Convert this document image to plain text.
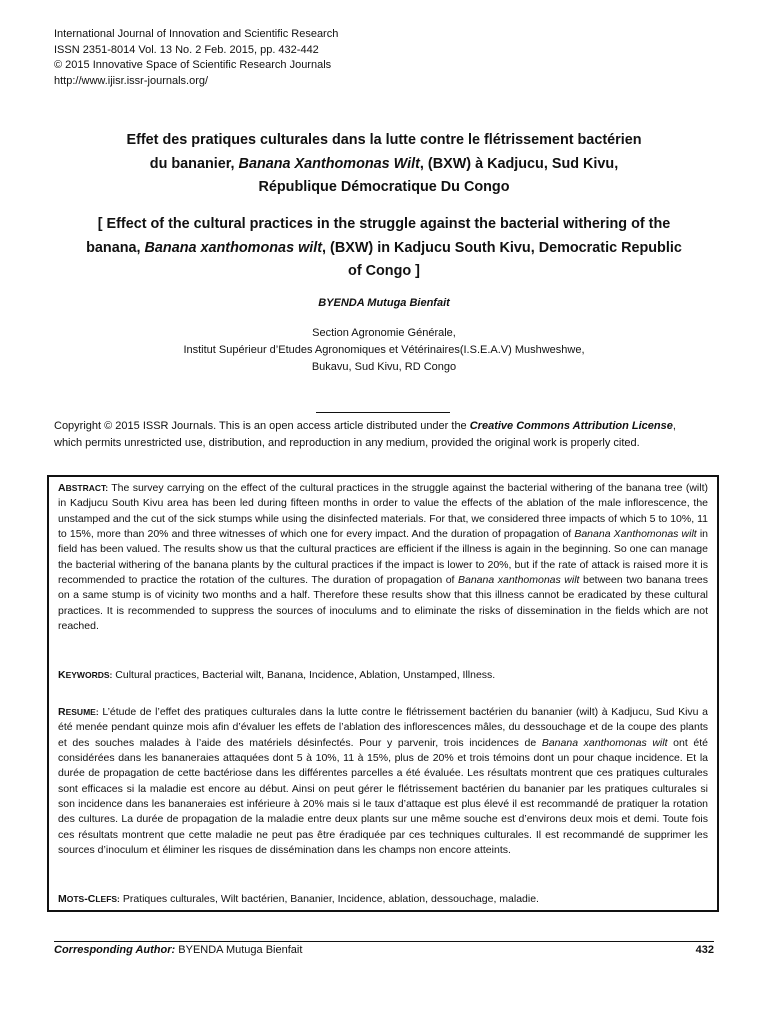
International Journal of Innovation and Scientific Research
ISSN 2351-8014 Vol. 13 No. 2 Feb. 2015, pp. 432-442
© 2015 Innovative Space of Scientific Research Journals
http://www.ijisr.issr-journals.org/
Effet des pratiques culturales dans la lutte contre le flétrissement bactérien
du bananier, Banana Xanthomonas Wilt, (BXW) à Kadjucu, Sud Kivu,
République Démocratique Du Congo
[ Effect of the cultural practices in the struggle against the bacterial withering of the
banana, Banana xanthomonas wilt, (BXW) in Kadjucu South Kivu, Democratic Republic
of Congo ]
BYENDA Mutuga Bienfait
Section Agronomie Générale,
Institut Supérieur d’Etudes Agronomiques et Vétérinaires(I.S.E.A.V) Mushweshwe,
Bukavu, Sud Kivu, RD Congo
Copyright © 2015 ISSR Journals. This is an open access article distributed under the Creative Commons Attribution License,
which permits unrestricted use, distribution, and reproduction in any medium, provided the original work is properly cited.
ABSTRACT: The survey carrying on the effect of the cultural practices in the struggle against the bacterial withering of the banana tree (wilt) in Kadjucu South Kivu area has been led during fifteen months in order to value the effects of the ablation of the male inflorescence, the unstamped and the cut of the sick stumps while using the disinfected materials. For that, we considered three impacts of which 5 to 10%, 11 to 15%, more than 20% and three witnesses of which one for every impact. And the duration of propagation of Banana Xanthomonas wilt in field has been valued. The results show us that the cultural practices are efficient if the illness is again in the beginning. So one can manage the bacterial withering of the banana plants by the cultural practices if the impact is lower to 20%, but if the rate of attack is raised more it is recommended to practice the rotation of the cultures. The duration of propagation of Banana xanthomonas wilt between two banana trees on a same stump is of vicinity two months and a half. Therefore these results show that this illness cannot be eradicated by these cultural practices. It is recommended to suppress the sources of inoculums and to eliminate the risks of dissemination in the fields which are not reached.
KEYWORDS: Cultural practices, Bacterial wilt, Banana, Incidence, Ablation, Unstamped, Illness.
RESUME: L’étude de l’effet des pratiques culturales dans la lutte contre le flétrissement bactérien du bananier (wilt) à Kadjucu, Sud Kivu a été menée pendant quinze mois afin d’évaluer les effets de l’ablation des inflorescences mâles, du dessouchage et de la coupe des plants et des souches malades à l’aide des matériels désinfectés. Pour y parvenir, trois incidences de Banana xanthomonas wilt ont été considérées dans les bananeraies attaquées dont 5 à 10%, 11 à 15%, plus de 20% et trois témoins dont un pour chaque incidence. Et la durée de propagation de cette bactériose dans les différentes parcelles a été évaluée. Les résultats montrent que ces pratiques culturales sont efficaces si la maladie est encore au début. Ainsi on peut gérer le flétrissement bactérien du bananier par les pratiques culturales si son incidence dans les bananeraies est inférieure à 20% mais si le taux d’attaque est plus élevé il est recommandé de pratiquer la rotation des cultures. La durée de propagation de la maladie entre deux plants sur une même souche est d’environs deux mois et demi. Toute fois ces résultats montrent que cette maladie ne peut pas être éradiquée par ces techniques culturales. Il est recommandé de supprimer les sources d’inoculum et éliminer les risques de dissémination dans les champs non encore atteints.
MOTS-CLEFS: Pratiques culturales, Wilt bactérien, Bananier, Incidence, ablation, dessouchage, maladie.
Corresponding Author: BYENDA Mutuga Bienfait	432
